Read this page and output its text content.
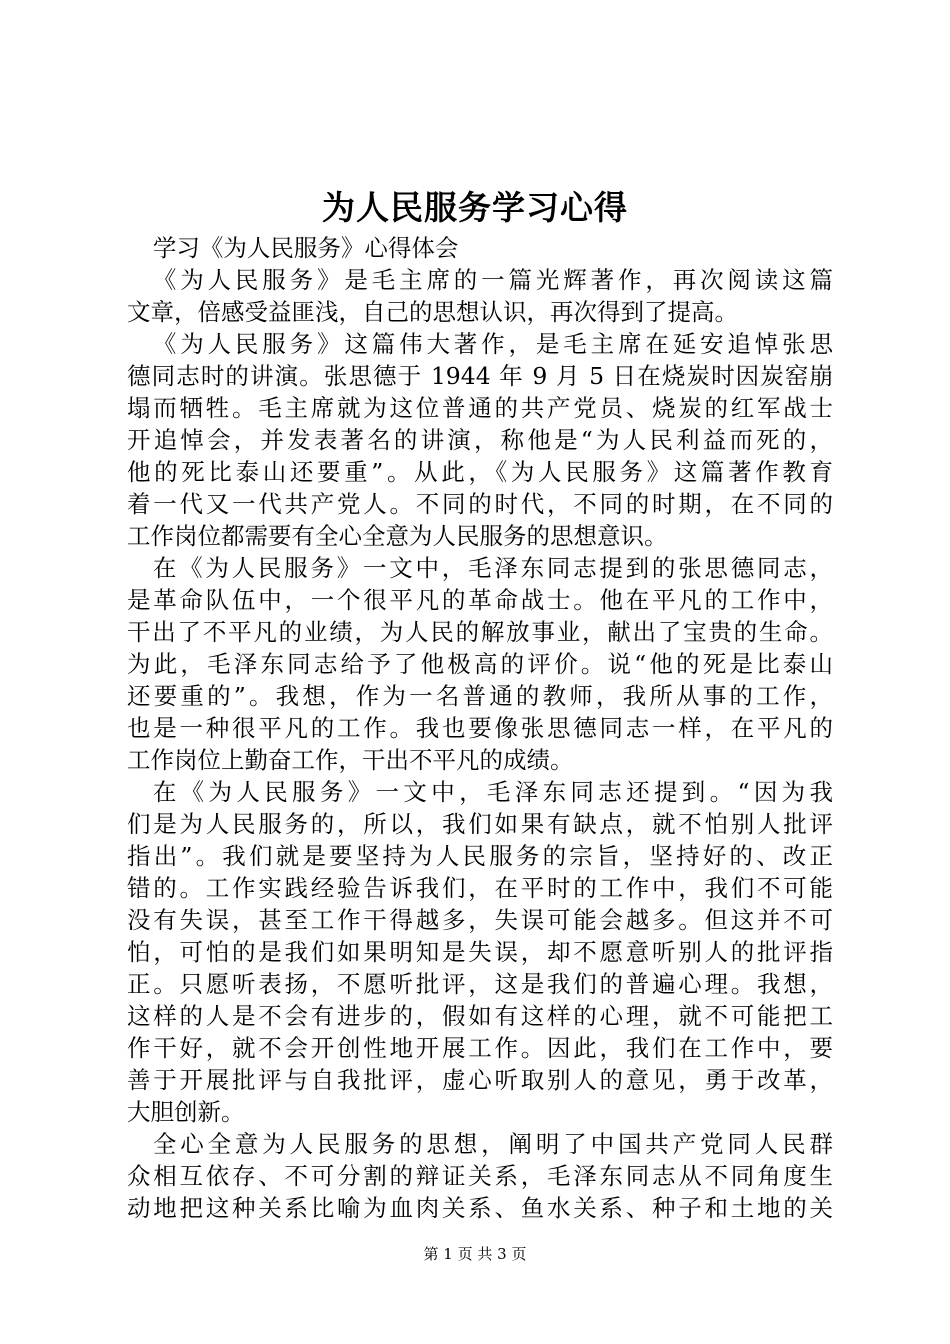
为人民服务学习心得
学习《为人民服务》心得体会
《为人民服务》是毛主席的一篇光辉著作，再次阅读这篇
文章，倍感受益匪浅，自己的思想认识，再次得到了提高。
《为人民服务》这篇伟大著作，是毛主席在延安追悼张思
德同志时的讲演。张思德于 1944 年 9 月 5 日在烧炭时因炭窑崩
塌而牺牲。毛主席就为这位普通的共产党员、烧炭的红军战士
开追悼会，并发表著名的讲演，称他是“为人民利益而死的，
他的死比泰山还要重”。从此，《为人民服务》这篇著作教育
着一代又一代共产党人。不同的时代，不同的时期，在不同的
工作岗位都需要有全心全意为人民服务的思想意识。
在《为人民服务》一文中，毛泽东同志提到的张思德同志，
是革命队伍中，一个很平凡的革命战士。他在平凡的工作中，
干出了不平凡的业绩，为人民的解放事业，献出了宝贵的生命。
为此，毛泽东同志给予了他极高的评价。说“他的死是比泰山
还要重的”。我想，作为一名普通的教师，我所从事的工作，
也是一种很平凡的工作。我也要像张思德同志一样，在平凡的
工作岗位上勤奋工作，干出不平凡的成绩。
在《为人民服务》一文中，毛泽东同志还提到。“因为我
们是为人民服务的，所以，我们如果有缺点，就不怕别人批评
指出”。我们就是要坚持为人民服务的宗旨，坚持好的、改正
错的。工作实践经验告诉我们，在平时的工作中，我们不可能
没有失误，甚至工作干得越多，失误可能会越多。但这并不可
怕，可怕的是我们如果明知是失误，却不愿意听别人的批评指
正。只愿听表扬，不愿听批评，这是我们的普遍心理。我想，
这样的人是不会有进步的，假如有这样的心理，就不可能把工
作干好，就不会开创性地开展工作。因此，我们在工作中，要
善于开展批评与自我批评，虚心听取别人的意见，勇于改革，
大胆创新。
全心全意为人民服务的思想，阐明了中国共产党同人民群
众相互依存、不可分割的辩证关系，毛泽东同志从不同角度生
动地把这种关系比喻为血肉关系、鱼水关系、种子和土地的关
第 1 页 共 3 页
